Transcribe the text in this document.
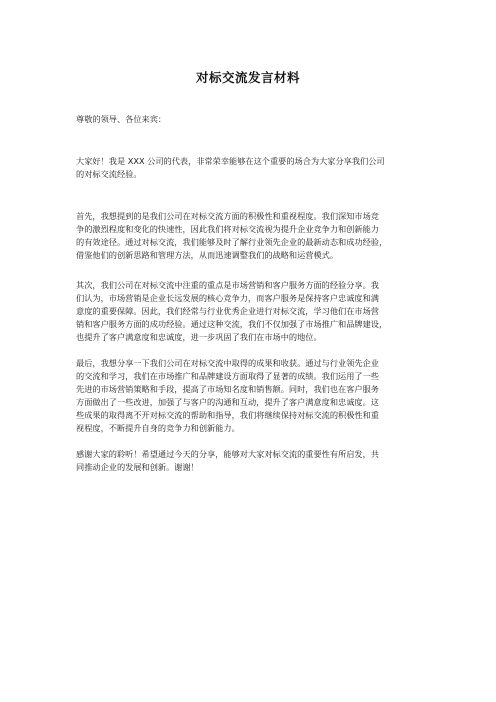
对标交流发言材料
尊敬的领导、各位来宾：
大家好！我是 XXX 公司的代表，非常荣幸能够在这个重要的场合为大家分享我们公司
的对标交流经验。
首先，我想提到的是我们公司在对标交流方面的积极性和重视程度。我们深知市场竞
争的激烈程度和变化的快速性，因此我们将对标交流视为提升企业竞争力和创新能力
的有效途径。通过对标交流，我们能够及时了解行业领先企业的最新动态和成功经验，
借鉴他们的创新思路和管理方法，从而迅速调整我们的战略和运营模式。
其次，我们公司在对标交流中注重的重点是市场营销和客户服务方面的经验分享。我
们认为，市场营销是企业长远发展的核心竞争力，而客户服务是保持客户忠诚度和满
意度的重要保障。因此，我们经常与行业优秀企业进行对标交流，学习他们在市场营
销和客户服务方面的成功经验。通过这种交流，我们不仅加强了市场推广和品牌建设，
也提升了客户满意度和忠诚度，进一步巩固了我们在市场中的地位。
最后，我想分享一下我们公司在对标交流中取得的成果和收获。通过与行业领先企业
的交流和学习，我们在市场推广和品牌建设方面取得了显著的成绩。我们运用了一些
先进的市场营销策略和手段，提高了市场知名度和销售额。同时，我们也在客户服务
方面做出了一些改进，加强了与客户的沟通和互动，提升了客户满意度和忠诚度。这
些成果的取得离不开对标交流的帮助和指导，我们将继续保持对标交流的积极性和重
视程度，不断提升自身的竞争力和创新能力。
感谢大家的聆听！希望通过今天的分享，能够对大家对标交流的重要性有所启发，共
同推动企业的发展和创新。谢谢！
